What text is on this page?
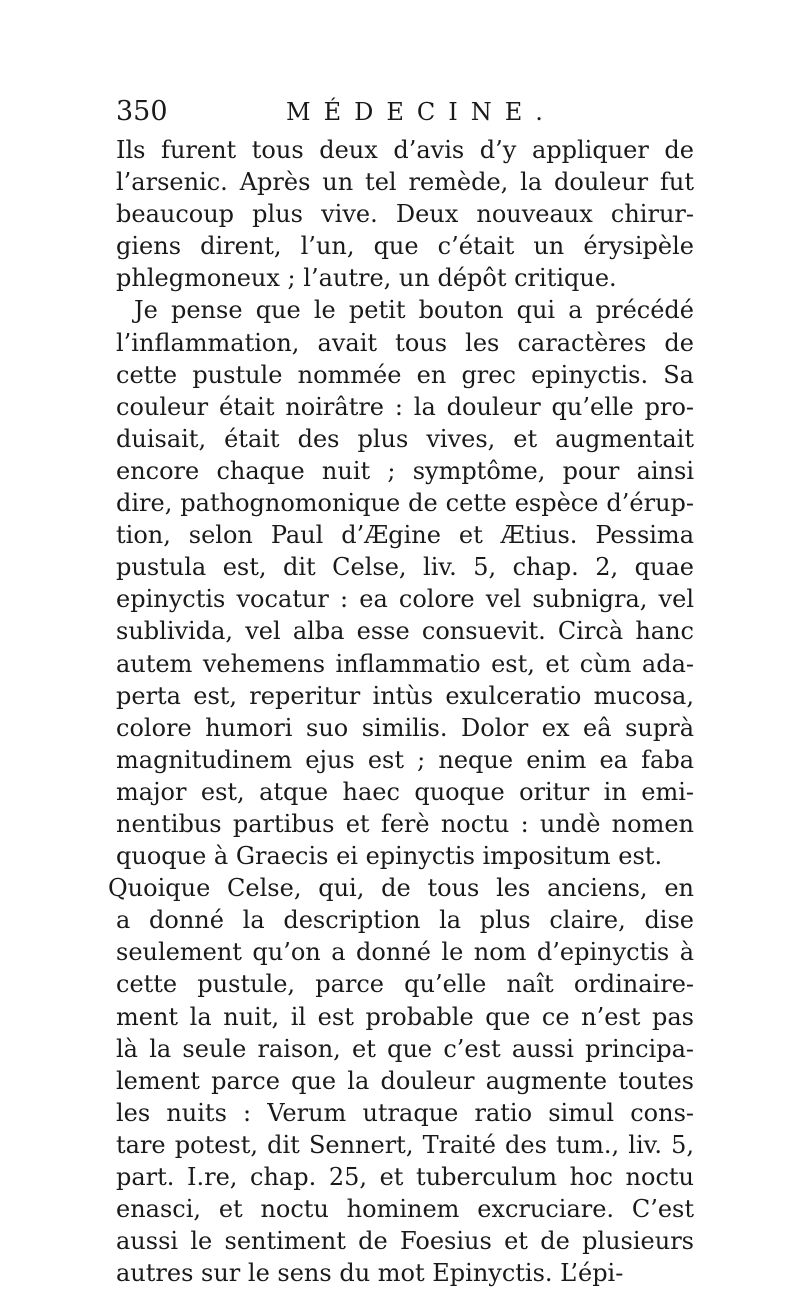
350	MÉDECINE.
Ils furent tous deux d’avis d’y appliquer de
l’arsenic. Après un tel remède, la douleur fut
beaucoup plus vive. Deux nouveaux chirur-
giens dirent, l’un, que c’était un érysipèle
phlegmoneux ; l’autre, un dépôt critique.
Je pense que le petit bouton qui a précédé
l’inflammation, avait tous les caractères de
cette pustule nommée en grec epinyctis. Sa
couleur était noirâtre : la douleur qu’elle pro-
duisait, était des plus vives, et augmentait
encore chaque nuit ; symptôme, pour ainsi
dire, pathognomonique de cette espèce d’érup-
tion, selon Paul d’Ægine et Ætius. Pessima
pustula est, dit Celse, liv. 5, chap. 2, quae
epinyctis vocatur : ea colore vel subnigra, vel
sublivida, vel alba esse consuevit. Circà hanc
autem vehemens inflammatio est, et cùm ada-
perta est, reperitur intùs exulceratio mucosa,
colore humori suo similis. Dolor ex eâ suprà
magnitudinem ejus est ; neque enim ea faba
major est, atque haec quoque oritur in emi-
nentibus partibus et ferè noctu : undè nomen
quoque à Graecis ei epinyctis impositum est.
Quoique Celse, qui, de tous les anciens, en
a donné la description la plus claire, dise
seulement qu’on a donné le nom d’epinyctis à
cette pustule, parce qu’elle naît ordinaire-
ment la nuit, il est probable que ce n’est pas
là la seule raison, et que c’est aussi principa-
lement parce que la douleur augmente toutes
les nuits : Verum utraque ratio simul cons-
tare potest, dit Sennert, Traité des tum., liv. 5,
part. I.re, chap. 25, et tuberculum hoc noctu
enasci, et noctu hominem excruciare. C’est
aussi le sentiment de Foesius et de plusieurs
autres sur le sens du mot Epinyctis. L’épi-
